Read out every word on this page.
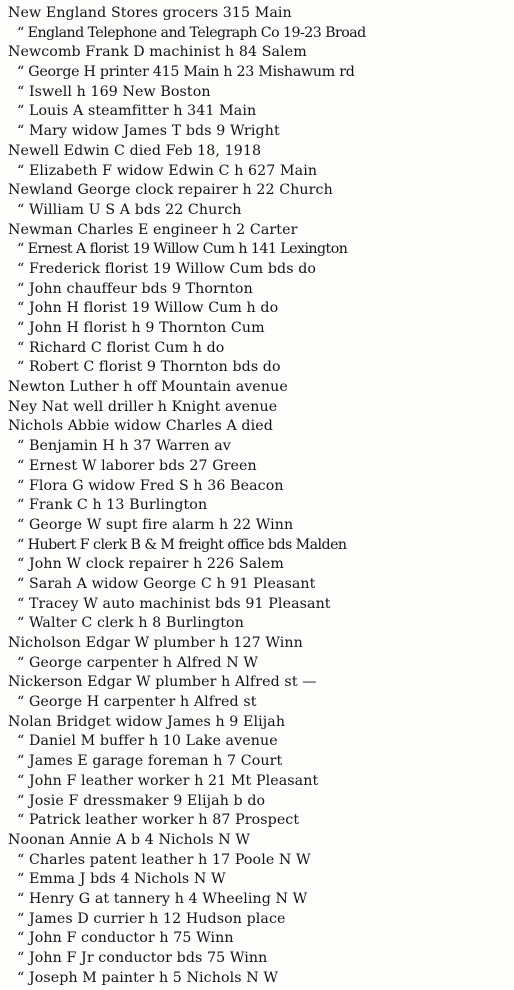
New England Stores grocers 315 Main
“ England Telephone and Telegraph Co 19-23 Broad
Newcomb Frank D machinist h 84 Salem
“ George H printer 415 Main h 23 Mishawum rd
“ Iswell h 169 New Boston
“ Louis A steamfitter h 341 Main
“ Mary widow James T bds 9 Wright
Newell Edwin C died Feb 18, 1918
“ Elizabeth F widow Edwin C h 627 Main
Newland George clock repairer h 22 Church
“ William U S A bds 22 Church
Newman Charles E engineer h 2 Carter
“ Ernest A florist 19 Willow Cum h 141 Lexington
“ Frederick florist 19 Willow Cum bds do
“ John chauffeur bds 9 Thornton
“ John H florist 19 Willow Cum h do
“ John H florist h 9 Thornton Cum
“ Richard C florist Cum h do
“ Robert C florist 9 Thornton bds do
Newton Luther h off Mountain avenue
Ney Nat well driller h Knight avenue
Nichols Abbie widow Charles A died
“ Benjamin H h 37 Warren av
“ Ernest W laborer bds 27 Green
“ Flora G widow Fred S h 36 Beacon
“ Frank C h 13 Burlington
“ George W supt fire alarm h 22 Winn
“ Hubert F clerk B & M freight office bds Malden
“ John W clock repairer h 226 Salem
“ Sarah A widow George C h 91 Pleasant
“ Tracey W auto machinist bds 91 Pleasant
“ Walter C clerk h 8 Burlington
Nicholson Edgar W plumber h 127 Winn
“ George carpenter h Alfred N W
Nickerson Edgar W plumber h Alfred st —
“ George H carpenter h Alfred st
Nolan Bridget widow James h 9 Elijah
“ Daniel M buffer h 10 Lake avenue
“ James E garage foreman h 7 Court
“ John F leather worker h 21 Mt Pleasant
“ Josie F dressmaker 9 Elijah b do
“ Patrick leather worker h 87 Prospect
Noonan Annie A b 4 Nichols N W
“ Charles patent leather h 17 Poole N W
“ Emma J bds 4 Nichols N W
“ Henry G at tannery h 4 Wheeling N W
“ James D currier h 12 Hudson place
“ John F conductor h 75 Winn
“ John F Jr conductor bds 75 Winn
“ Joseph M painter h 5 Nichols N W
